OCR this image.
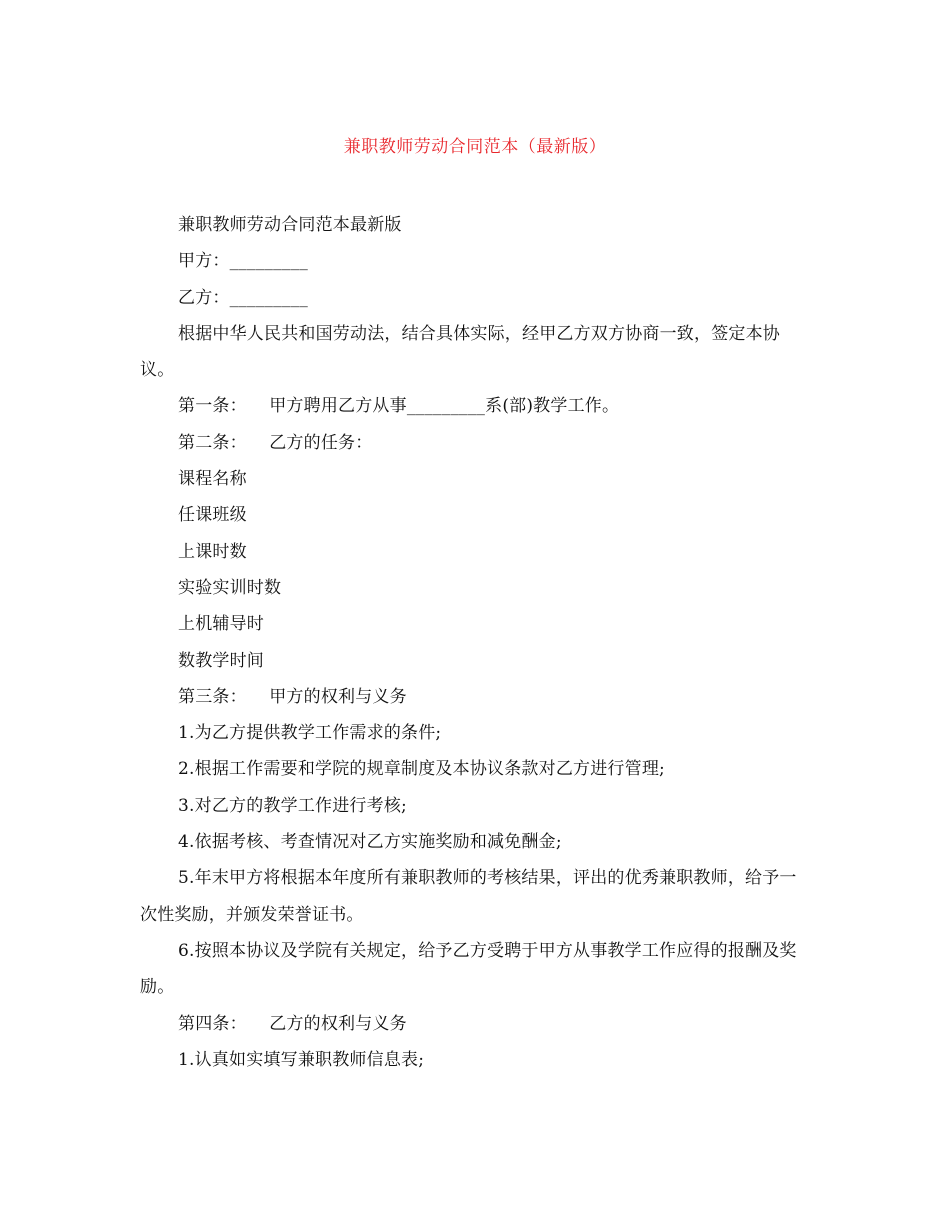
兼职教师劳动合同范本（最新版）

兼职教师劳动合同范本最新版

甲方：_________

乙方：_________

根据中华人民共和国劳动法，结合具体实际，经甲乙方双方协商一致，签定本协议。

第一条：    甲方聘用乙方从事_________系(部)教学工作。

第二条：    乙方的任务：

课程名称

任课班级

上课时数

实验实训时数

上机辅导时

数教学时间

第三条：    甲方的权利与义务

1.为乙方提供教学工作需求的条件;

2.根据工作需要和学院的规章制度及本协议条款对乙方进行管理;

3.对乙方的教学工作进行考核;

4.依据考核、考查情况对乙方实施奖励和减免酬金;

5.年末甲方将根据本年度所有兼职教师的考核结果，评出的优秀兼职教师，给予一次性奖励，并颁发荣誉证书。

6.按照本协议及学院有关规定，给予乙方受聘于甲方从事教学工作应得的报酬及奖励。

第四条：    乙方的权利与义务

1.认真如实填写兼职教师信息表;
